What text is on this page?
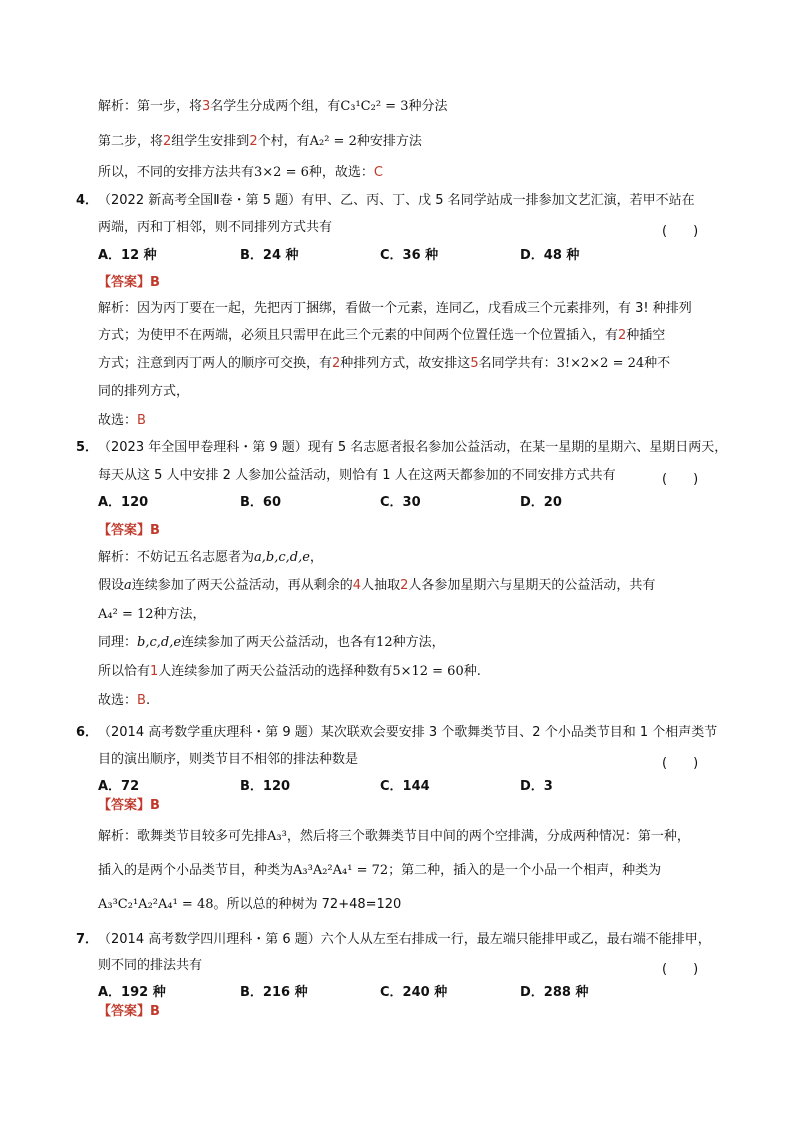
解析：第一步，将3名学生分成两个组，有C₃¹C₂² = 3种分法
第二步，将2组学生安排到2个村，有A₂² = 2种安排方法
所以，不同的安排方法共有3×2 = 6种，故选：C
4． （2022 新高考全国Ⅱ卷・第 5 题）有甲、乙、丙、丁、戊 5 名同学站成一排参加文艺汇演，若甲不站在
两端，丙和丁相邻，则不同排列方式共有	(　　)
A．12 种	B．24 种	C．36 种	D．48 种
【答案】B
解析：因为丙丁要在一起，先把丙丁捆绑，看做一个元素，连同乙，戊看成三个元素排列，有 3! 种排列
方式；为使甲不在两端，必须且只需甲在此三个元素的中间两个位置任选一个位置插入，有2种插空
方式；注意到丙丁两人的顺序可交换，有2种排列方式，故安排这5名同学共有：3!×2×2 = 24种不
同的排列方式，
故选：B
5． （2023 年全国甲卷理科・第 9 题）现有 5 名志愿者报名参加公益活动，在某一星期的星期六、星期日两天，
每天从这 5 人中安排 2 人参加公益活动，则恰有 1 人在这两天都参加的不同安排方式共有	(　　)
A．120	B．60	C．30	D．20
【答案】B
解析：不妨记五名志愿者为a,b,c,d,e，
假设a连续参加了两天公益活动，再从剩余的4人抽取2人各参加星期六与星期天的公益活动，共有
A₄² = 12种方法，
同理：b,c,d,e连续参加了两天公益活动，也各有12种方法，
所以恰有1人连续参加了两天公益活动的选择种数有5×12 = 60种.
故选：B.
6． （2014 高考数学重庆理科・第 9 题）某次联欢会要安排 3 个歌舞类节目、2 个小品类节目和 1 个相声类节
目的演出顺序，则类节目不相邻的排法种数是	(　　)
A．72	B．120	C．144	D．3
【答案】B
解析：歌舞类节目较多可先排A₃³，然后将三个歌舞类节目中间的两个空排满，分成两种情况：第一种，
插入的是两个小品类节目，种类为A₃³A₂²A₄¹ = 72；第二种，插入的是一个小品一个相声，种类为
A₃³C₂¹A₂²A₄¹ = 48。所以总的种树为 72+48=120
7． （2014 高考数学四川理科・第 6 题）六个人从左至右排成一行，最左端只能排甲或乙，最右端不能排甲，
则不同的排法共有	(　　)
A．192 种	B．216 种	C．240 种	D．288 种
【答案】B
